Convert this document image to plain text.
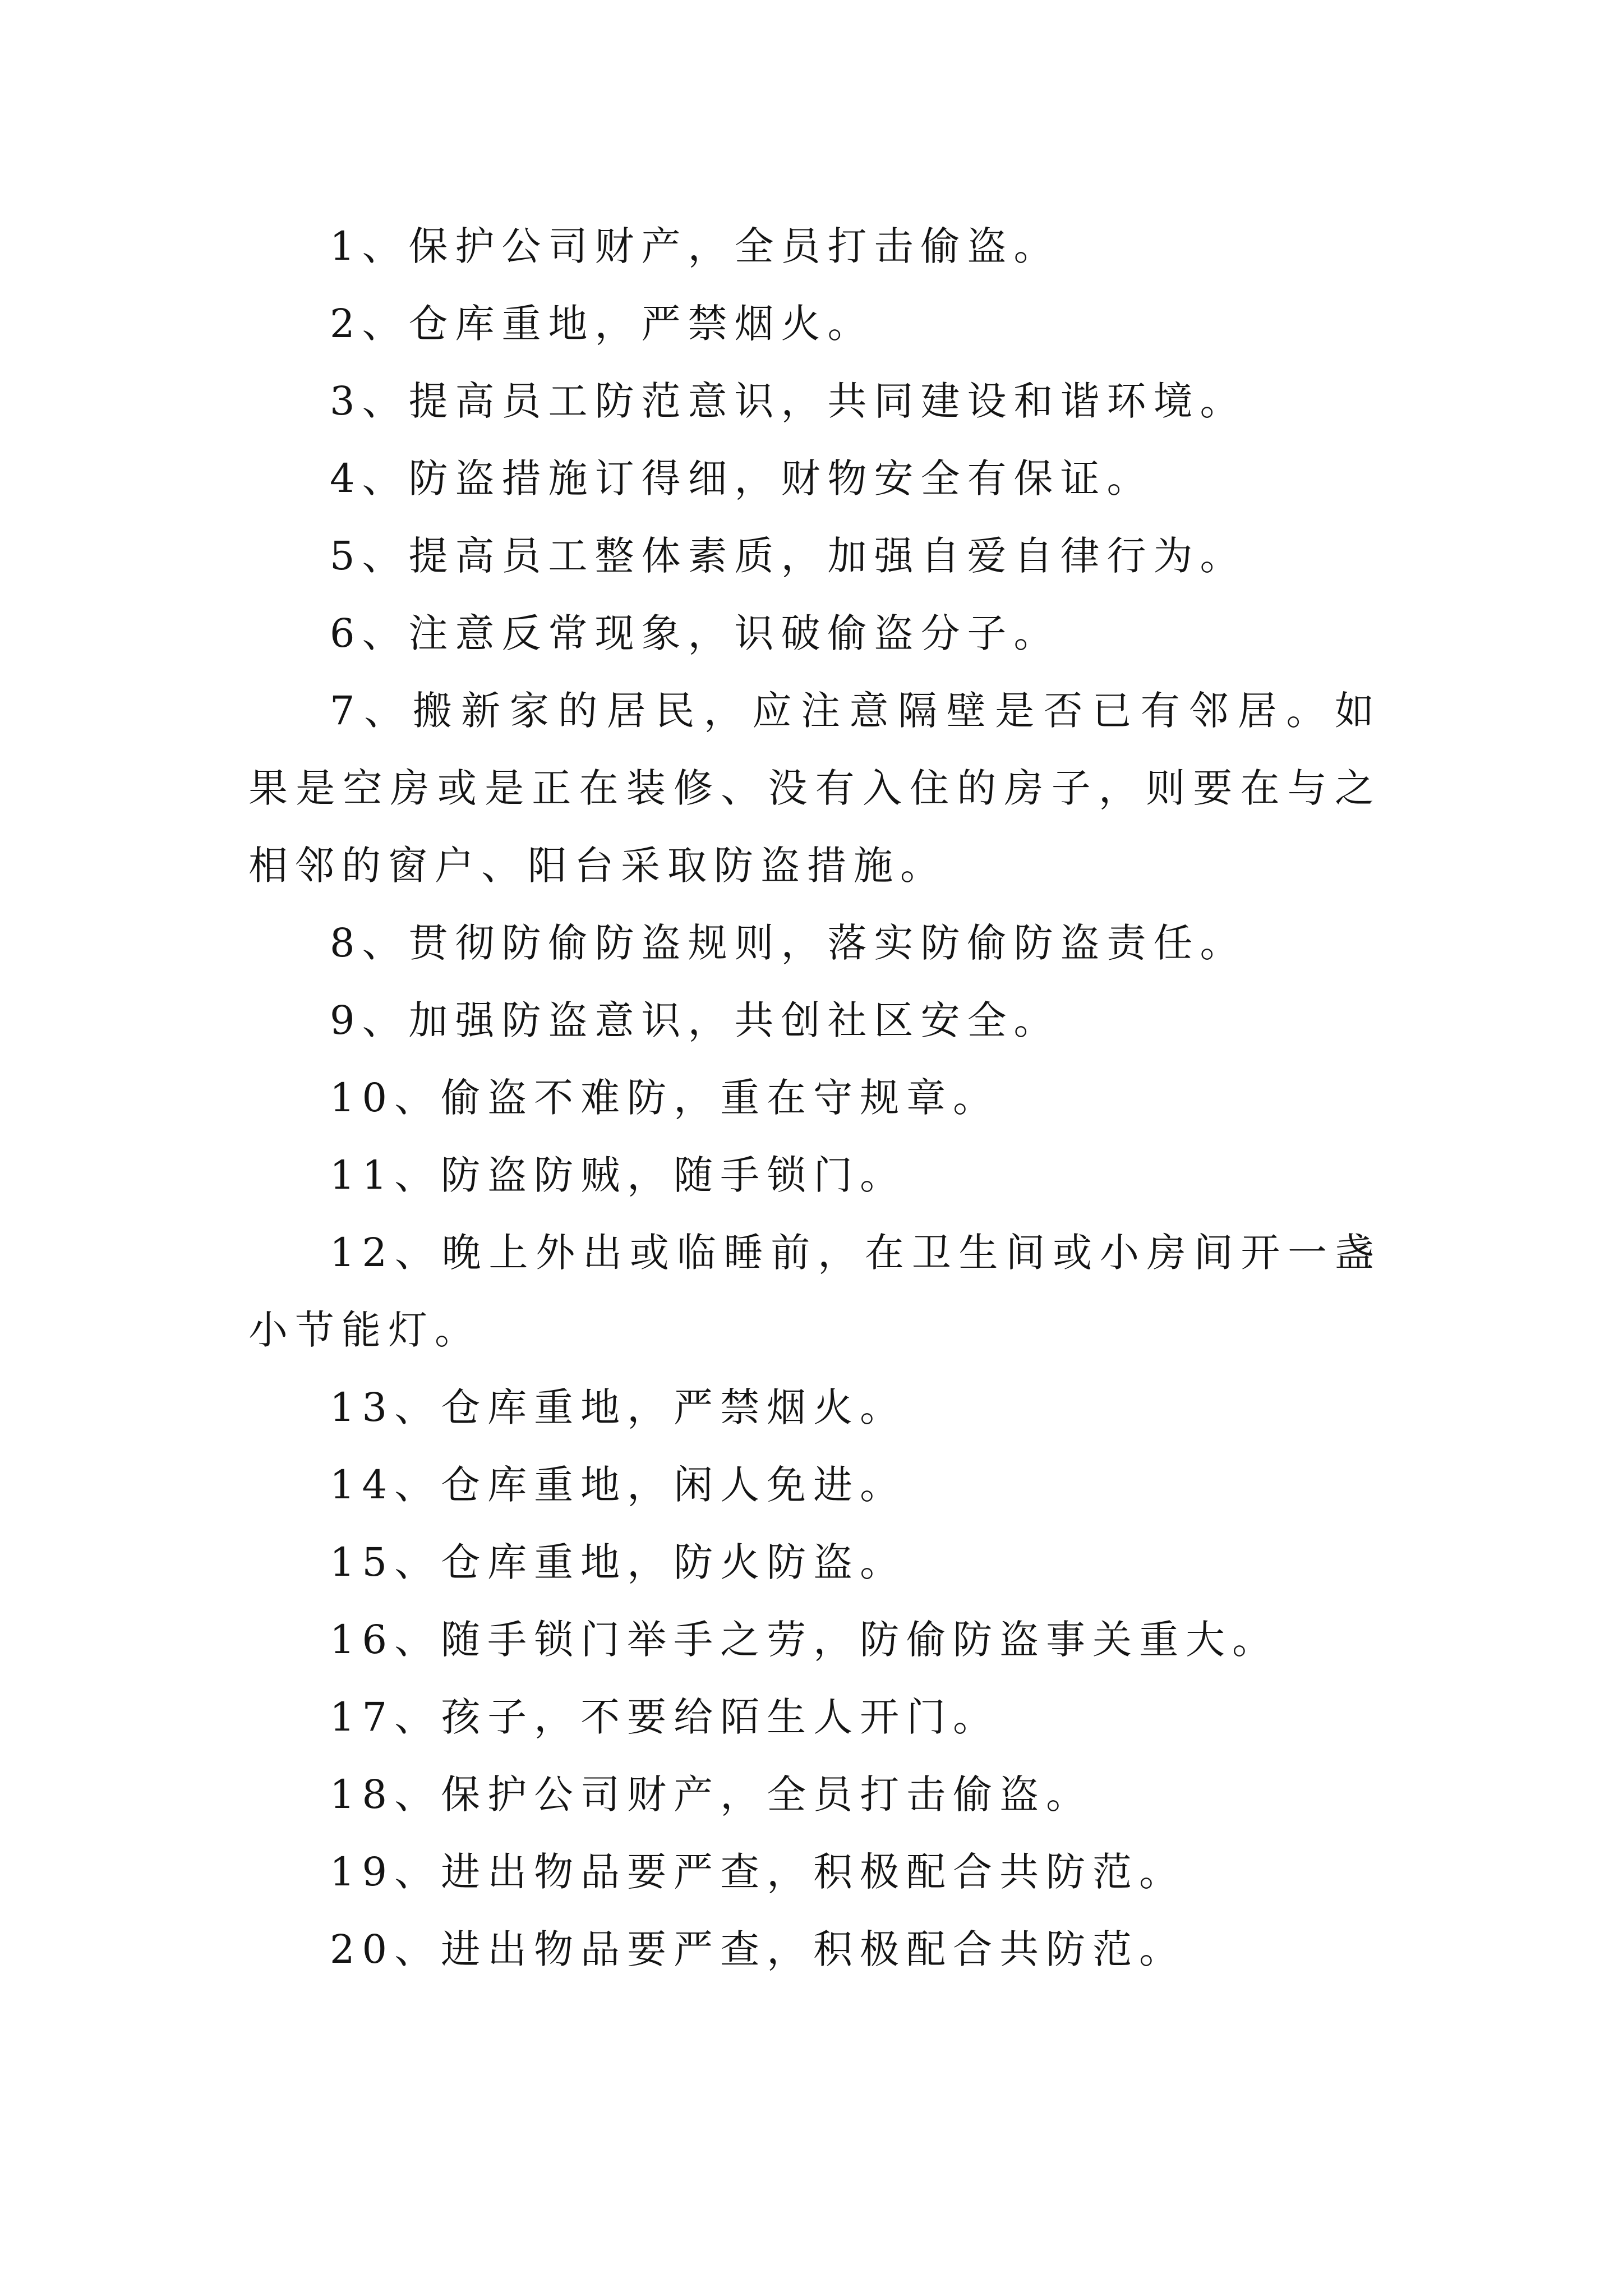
1、保护公司财产，全员打击偷盗。

2、仓库重地，严禁烟火。

3、提高员工防范意识，共同建设和谐环境。

4、防盗措施订得细，财物安全有保证。

5、提高员工整体素质，加强自爱自律行为。

6、注意反常现象，识破偷盗分子。

7、搬新家的居民，应注意隔壁是否已有邻居。如果是空房或是正在装修、没有入住的房子，则要在与之相邻的窗户、阳台采取防盗措施。

8、贯彻防偷防盗规则，落实防偷防盗责任。

9、加强防盗意识，共创社区安全。

10、偷盗不难防，重在守规章。

11、防盗防贼，随手锁门。

12、晚上外出或临睡前，在卫生间或小房间开一盏小节能灯。

13、仓库重地，严禁烟火。

14、仓库重地，闲人免进。

15、仓库重地，防火防盗。

16、随手锁门举手之劳，防偷防盗事关重大。

17、孩子，不要给陌生人开门。

18、保护公司财产，全员打击偷盗。

19、进出物品要严查，积极配合共防范。

20、进出物品要严查，积极配合共防范。
